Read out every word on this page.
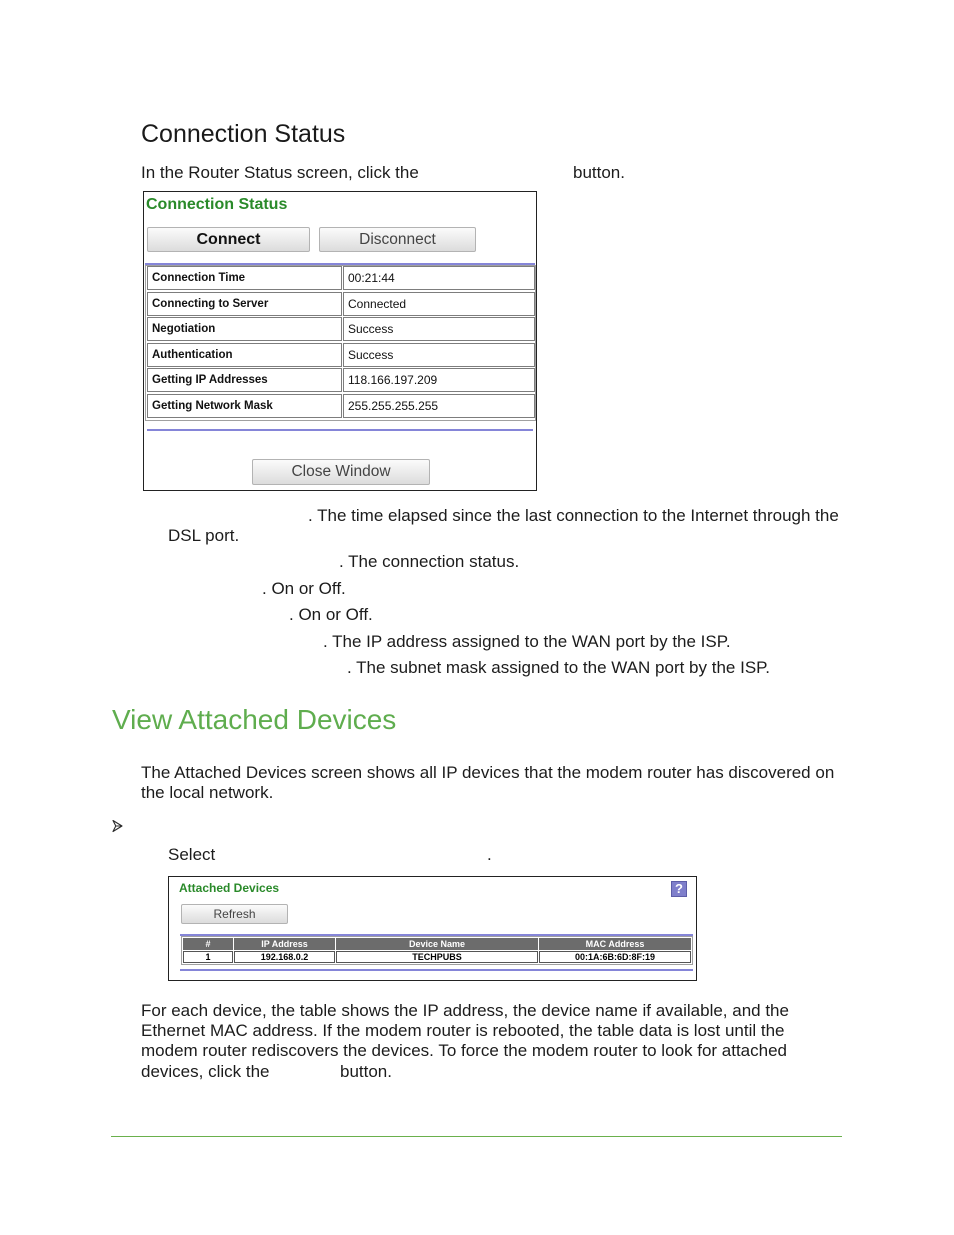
Connection Status
In the Router Status screen, click the	button.
Connection Status
Connect	Disconnect
Connection Time	00:21:44
Connecting to Server	Connected
Negotiation	Success
Authentication	Success
Getting IP Addresses	118.166.197.209
Getting Network Mask	255.255.255.255
Close Window
. The time elapsed since the last connection to the Internet through the
DSL port.
. The connection status.
. On or Off.
. On or Off.
. The IP address assigned to the WAN port by the ISP.
. The subnet mask assigned to the WAN port by the ISP.
View Attached Devices
The Attached Devices screen shows all IP devices that the modem router has discovered on
the local network.
Select	.
Attached Devices	?
Refresh
#	IP Address	Device Name	MAC Address
1	192.168.0.2	TECHPUBS	00:1A:6B:6D:8F:19
For each device, the table shows the IP address, the device name if available, and the
Ethernet MAC address. If the modem router is rebooted, the table data is lost until the
modem router rediscovers the devices. To force the modem router to look for attached
devices, click the	button.
